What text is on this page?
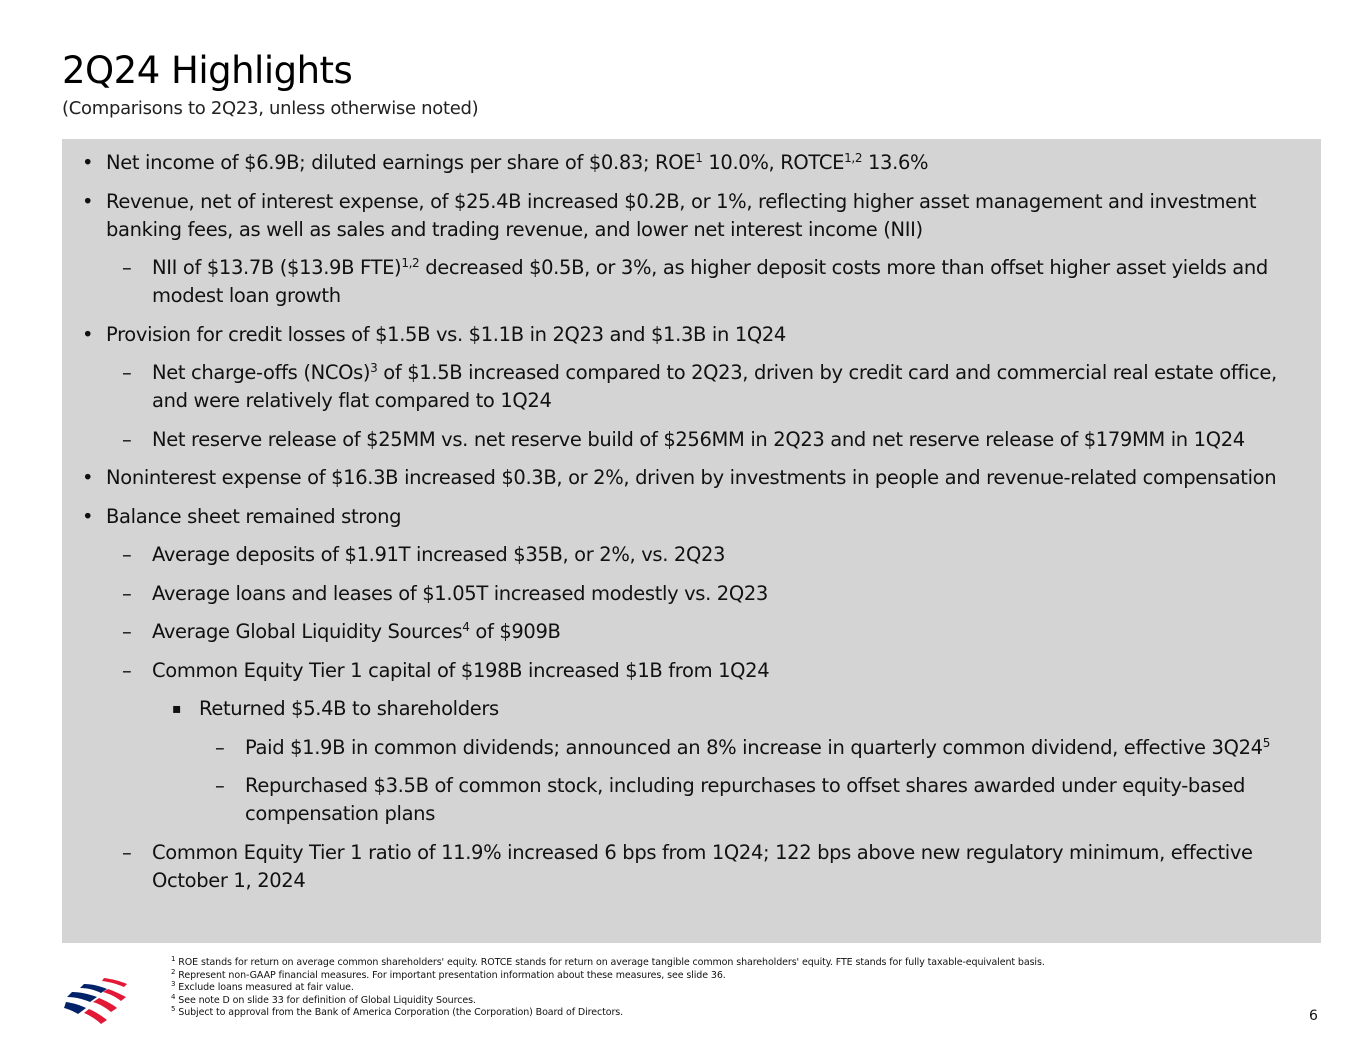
2Q24 Highlights
(Comparisons to 2Q23, unless otherwise noted)
• Net income of $6.9B; diluted earnings per share of $0.83; ROE$^1$ 10.0%, ROTCE$^{1,2}$ 13.6%
• Revenue, net of interest expense, of $25.4B increased $0.2B, or 1%, reflecting higher asset management and investment banking fees, as well as sales and trading revenue, and lower net interest income (NII)
– NII of $13.7B ($13.9B FTE)$^{1,2}$ decreased $0.5B, or 3%, as higher deposit costs more than offset higher asset yields and modest loan growth
• Provision for credit losses of $1.5B vs. $1.1B in 2Q23 and $1.3B in 1Q24
– Net charge-offs (NCOs)$^3$ of $1.5B increased compared to 2Q23, driven by credit card and commercial real estate office, and were relatively flat compared to 1Q24
– Net reserve release of $25MM vs. net reserve build of $256MM in 2Q23 and net reserve release of $179MM in 1Q24
• Noninterest expense of $16.3B increased $0.3B, or 2%, driven by investments in people and revenue-related compensation
• Balance sheet remained strong
– Average deposits of $1.91T increased $35B, or 2%, vs. 2Q23
– Average loans and leases of $1.05T increased modestly vs. 2Q23
– Average Global Liquidity Sources$^4$ of $909B
– Common Equity Tier 1 capital of $198B increased $1B from 1Q24
▪ Returned $5.4B to shareholders
– Paid $1.9B in common dividends; announced an 8% increase in quarterly common dividend, effective $3Q24^5$
– Repurchased $3.5B of common stock, including repurchases to offset shares awarded under equity-based compensation plans
– Common Equity Tier 1 ratio of 11.9% increased 6 bps from 1Q24; 122 bps above new regulatory minimum, effective October 1, 2024
$^1$ ROE stands for return on average common shareholders' equity. ROTCE stands for return on average tangible common shareholders' equity. FTE stands for fully taxable-equivalent basis.
$^2$ Represent non-GAAP financial measures. For important presentation information about these measures, see slide 36.
$^3$ Exclude loans measured at fair value.
$^4$ See note D on slide 33 for definition of Global Liquidity Sources.
$^5$ Subject to approval from the Bank of America Corporation (the Corporation) Board of Directors.	6
